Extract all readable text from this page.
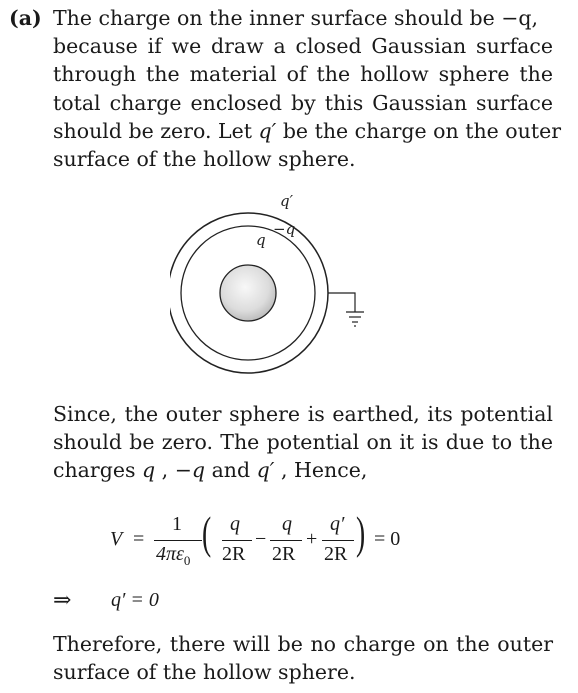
(a) The charge on the inner surface should be −q,
because if we draw a closed Gaussian surface
through the material of the hollow sphere the
total charge enclosed by this Gaussian surface
should be zero. Let q′ be the charge on the outer
surface of the hollow sphere.
q′
−q
q
Since, the outer sphere is earthed, its potential
should be zero. The potential on it is due to the
charges q , −q and q′ , Hence,
V =
1
$4\pi\varepsilon_0$
( q
2R
−
q
2R
+
q′
2R ) = 0
⇒ q′ = 0
Therefore, there will be no charge on the outer
surface of the hollow sphere.
